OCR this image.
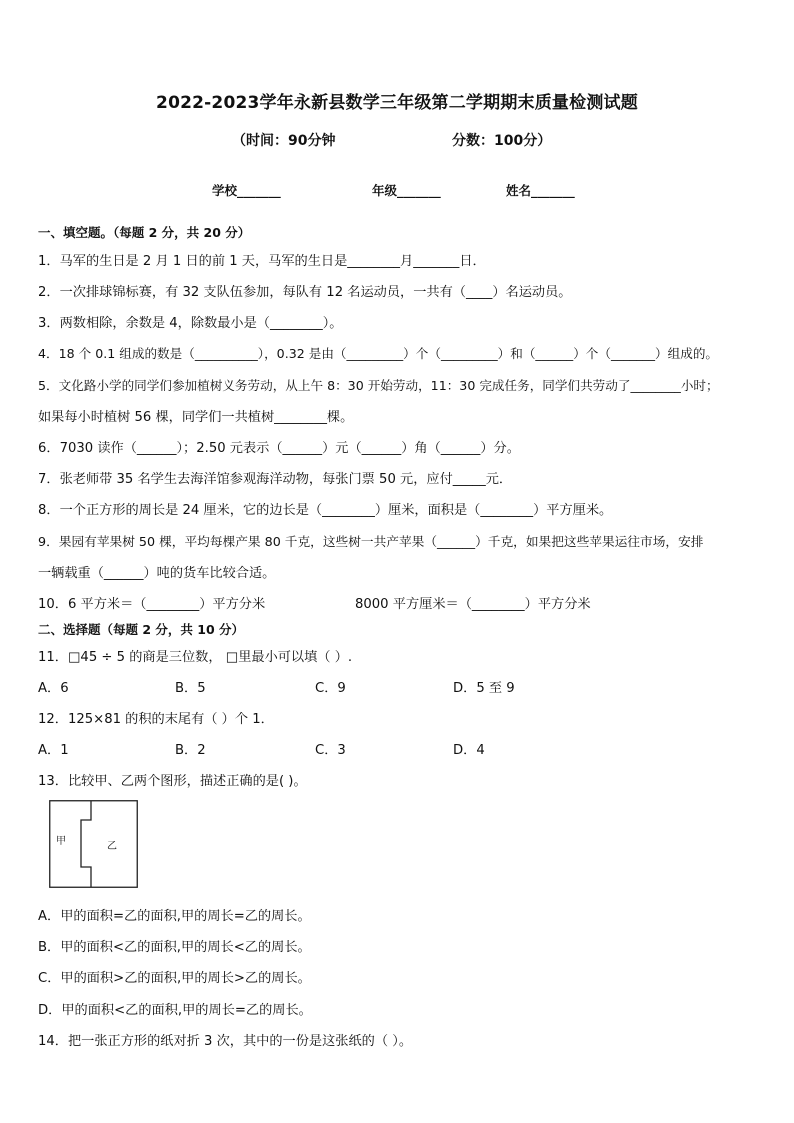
2022-2023学年永新县数学三年级第二学期期末质量检测试题
（时间：90分钟	分数：100分）
学校_______	年级_______	姓名_______
一、填空题。（每题 2 分，共 20 分）
1．马军的生日是 2 月 1 日的前 1 天，马军的生日是________月_______日．
2．一次排球锦标赛，有 32 支队伍参加，每队有 12 名运动员，一共有（____）名运动员。
3．两数相除，余数是 4，除数最小是（________）。
4．18 个 0.1 组成的数是（__________），0.32 是由（_________）个（_________）和（______）个（_______）组成的。
5．文化路小学的同学们参加植树义务劳动，从上午 8：30 开始劳动，11：30 完成任务，同学们共劳动了________小时；
如果每小时植树 56 棵，同学们一共植树________棵。
6．7030 读作（______）；2.50 元表示（______）元（______）角（______）分。
7．张老师带 35 名学生去海洋馆参观海洋动物，每张门票 50 元，应付_____元．
8．一个正方形的周长是 24 厘米，它的边长是（________）厘米，面积是（________）平方厘米。
9．果园有苹果树 50 棵，平均每棵产果 80 千克，这些树一共产苹果（______）千克，如果把这些苹果运往市场，安排
一辆载重（______）吨的货车比较合适。
10．6 平方米＝（________）平方分米	8000 平方厘米＝（________）平方分米
二、选择题（每题 2 分，共 10 分）
11．□45 ÷ 5 的商是三位数， □里最小可以填（ ）.
A．6	B．5	C．9	D．5 至 9
12．125×81 的积的末尾有（ ）个 1．
A．1	B．2	C．3	D．4
13．比较甲、乙两个图形，描述正确的是( )。
甲	乙
A．甲的面积=乙的面积,甲的周长=乙的周长。
B．甲的面积<乙的面积,甲的周长<乙的周长。
C．甲的面积>乙的面积,甲的周长>乙的周长。
D．甲的面积<乙的面积,甲的周长=乙的周长。
14．把一张正方形的纸对折 3 次，其中的一份是这张纸的（ ）。
